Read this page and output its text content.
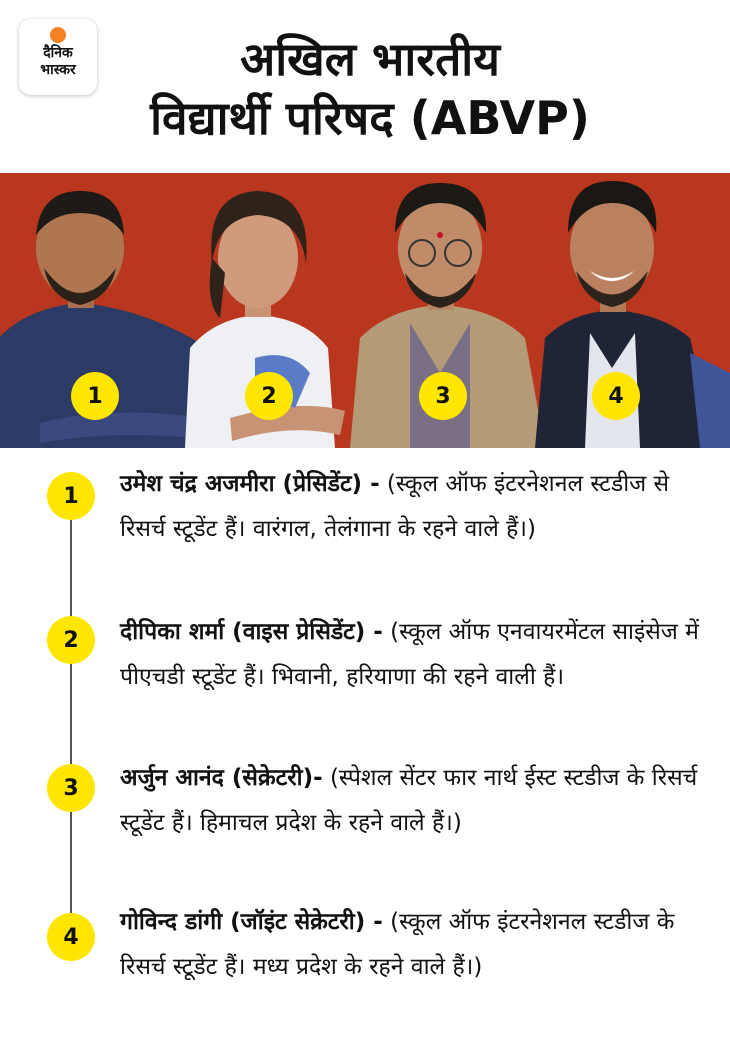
दैनिक
भास्कर	अखिल भारतीय
विद्यार्थी परिषद (ABVP)
1	2	3	4
1	उमेश चंद्र अजमीरा (प्रेसिडेंट) - (स्कूल ऑफ इंटरनेशनल स्टडीज से रिसर्च स्टूडेंट हैं। वारंगल, तेलंगाना के रहने वाले हैं।)
2	दीपिका शर्मा (वाइस प्रेसिडेंट) - (स्कूल ऑफ एनवायरमेंटल साइंसेज में पीएचडी स्टूडेंट हैं। भिवानी, हरियाणा की रहने वाली हैं।
3	अर्जुन आनंद (सेक्रेटरी)- (स्पेशल सेंटर फार नार्थ ईस्ट स्टडीज के रिसर्च स्टूडेंट हैं। हिमाचल प्रदेश के रहने वाले हैं।)
4
गोविन्द डांगी (जॉइंट सेक्रेटरी) - (स्कूल ऑफ इंटरनेशनल स्टडीज के रिसर्च स्टूडेंट हैं। मध्य प्रदेश के रहने वाले हैं।)
